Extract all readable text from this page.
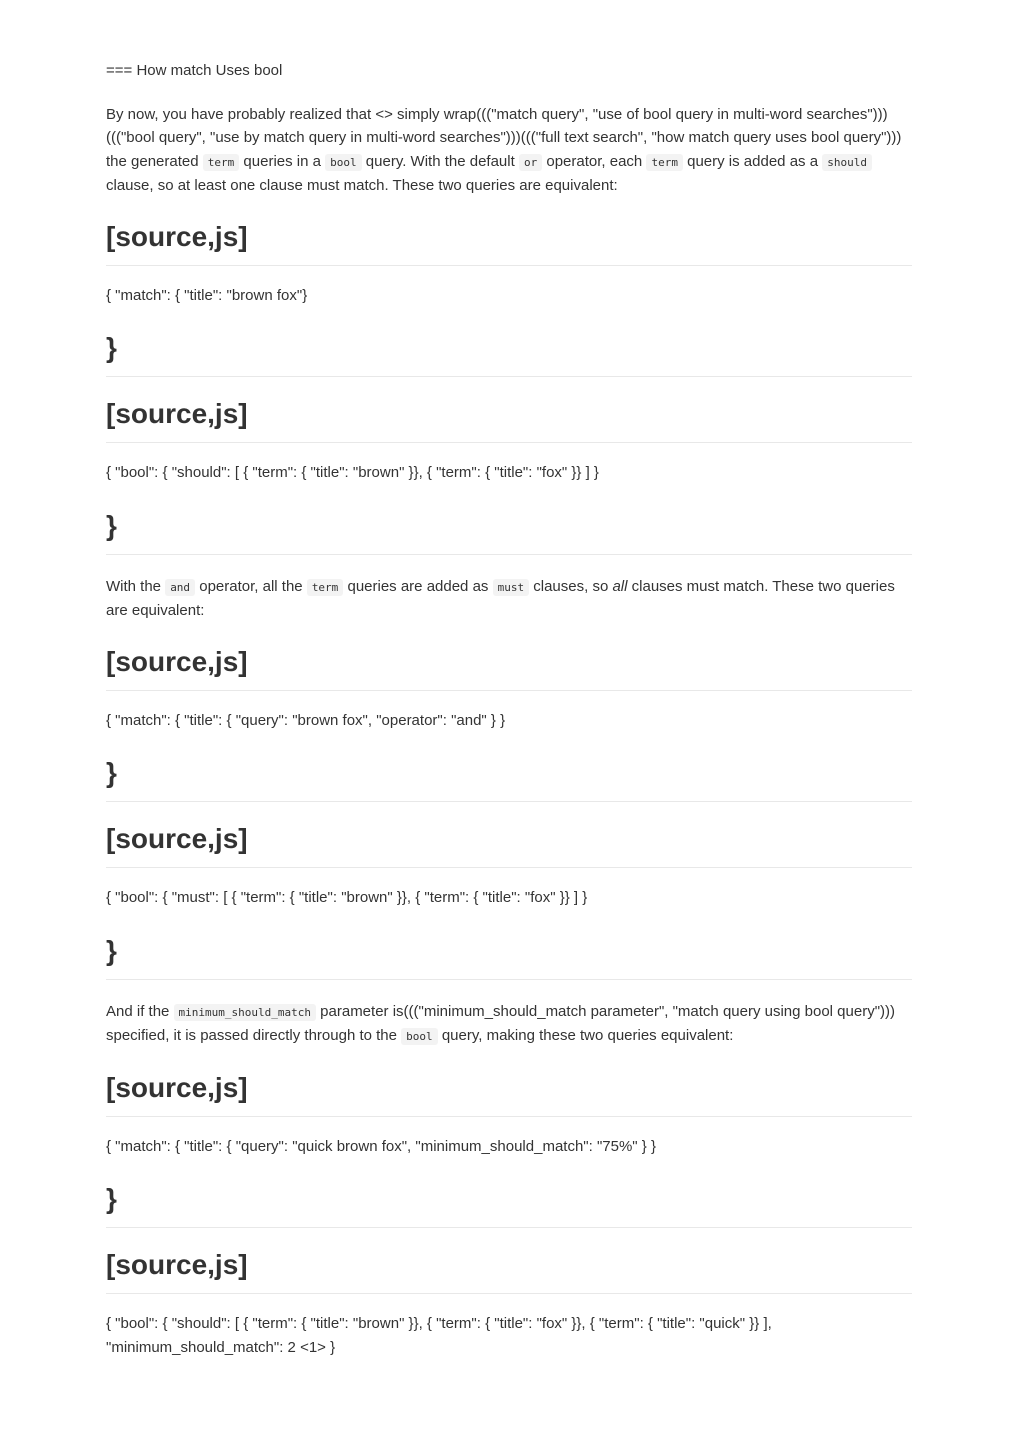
=== How match Uses bool

By now, you have probably realized that <> simply wrap((("match query", "use of bool query in multi-word searches")))((("bool query", "use by match query in multi-word searches")))((("full text search", "how match query uses bool query"))) the generated term queries in a bool query. With the default or operator, each term query is added as a should clause, so at least one clause must match. These two queries are equivalent:

[source,js]

{ "match": { "title": "brown fox"}

}
[source,js]

{ "bool": { "should": [ { "term": { "title": "brown" }}, { "term": { "title": "fox" }} ] }

}

With the and operator, all the term queries are added as must clauses, so all clauses must match. These two queries are equivalent:

[source,js]

{ "match": { "title": { "query": "brown fox", "operator": "and" } }

}
[source,js]

{ "bool": { "must": [ { "term": { "title": "brown" }}, { "term": { "title": "fox" }} ] }

}

And if the minimum_should_match parameter is((("minimum_should_match parameter", "match query using bool query"))) specified, it is passed directly through to the bool query, making these two queries equivalent:

[source,js]

{ "match": { "title": { "query": "quick brown fox", "minimum_should_match": "75%" } }

}
[source,js]

{ "bool": { "should": [ { "term": { "title": "brown" }}, { "term": { "title": "fox" }}, { "term": { "title": "quick" }} ], "minimum_should_match": 2 <1> }
